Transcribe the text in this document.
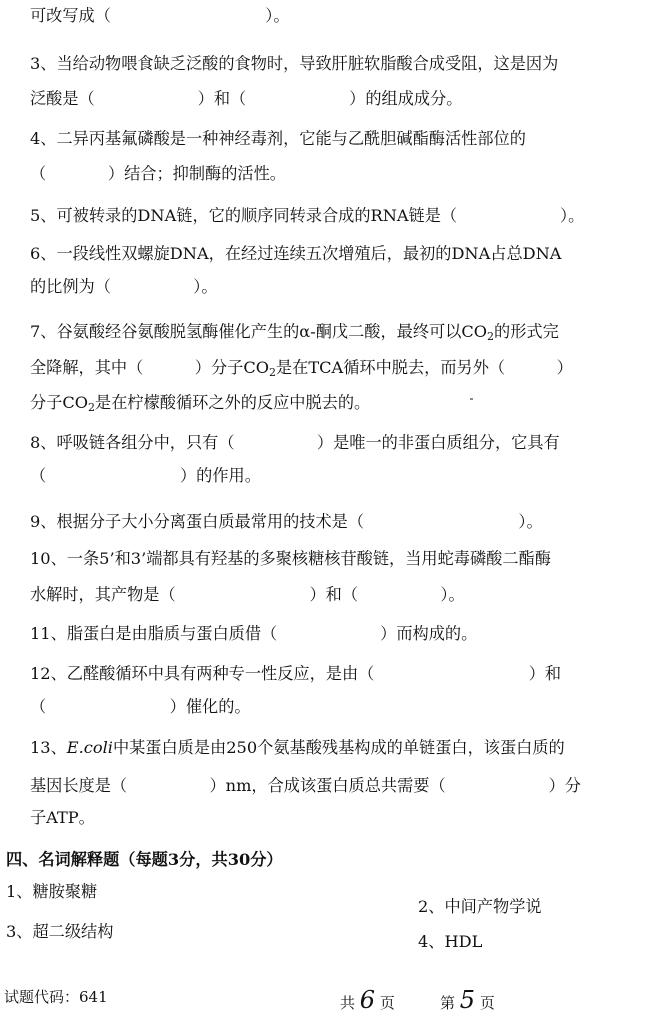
可改写成（                              ）。
3、当给动物喂食缺乏泛酸的食物时，导致肝脏软脂酸合成受阻，这是因为
泛酸是（                    ）和（                    ）的组成成分。
4、二异丙基氟磷酸是一种神经毒剂，它能与乙酰胆碱酯酶活性部位的
（            ）结合；抑制酶的活性。
5、可被转录的DNA链，它的顺序同转录合成的RNA链是（                    ）。
6、一段线性双螺旋DNA，在经过连续五次增殖后，最初的DNA占总DNA
的比例为（                ）。
7、谷氨酸经谷氨酸脱氢酶催化产生的α-酮戊二酸，最终可以$CO_2$的形式完
全降解，其中（          ）分子$CO_2$是在TCA循环中脱去，而另外（          ）
分子$CO_2$是在柠檬酸循环之外的反应中脱去的。
8、呼吸链各组分中，只有（                ）是唯一的非蛋白质组分，它具有
（                          ）的作用。
9、根据分子大小分离蛋白质最常用的技术是（                              ）。
10、一条5’和3’端都具有羟基的多聚核糖核苷酸链，当用蛇毒磷酸二酯酶
水解时，其产物是（                          ）和（                ）。
11、脂蛋白是由脂质与蛋白质借（                    ）而构成的。
12、乙醛酸循环中具有两种专一性反应，是由（                              ）和
（                        ）催化的。
13、E.coli中某蛋白质是由250个氨基酸残基构成的单链蛋白，该蛋白质的
基因长度是（                ）nm，合成该蛋白质总共需要（                    ）分
子ATP。
四、名词解释题（每题3分，共30分）
1、糖胺聚糖
2、中间产物学说
3、超二级结构
4、HDL
试题代码：641	共 6 页	第 5 页
